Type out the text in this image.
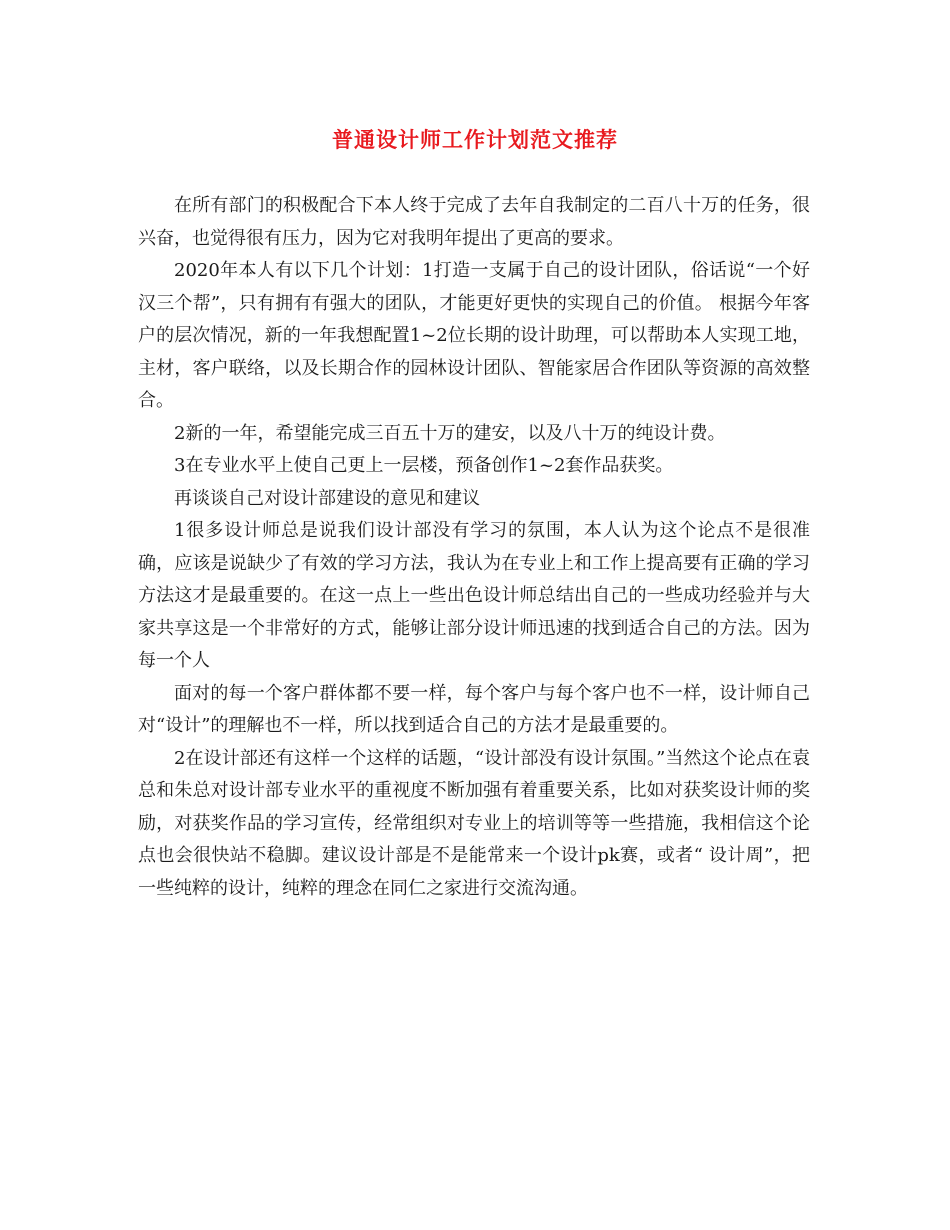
普通设计师工作计划范文推荐

在所有部门的积极配合下本人终于完成了去年自我制定的二百八十万的任务，很兴奋，也觉得很有压力，因为它对我明年提出了更高的要求。

2020年本人有以下几个计划：1打造一支属于自己的设计团队，俗话说“一个好汉三个帮”，只有拥有有强大的团队，才能更好更快的实现自己的价值。 根据今年客户的层次情况，新的一年我想配置1~2位长期的设计助理，可以帮助本人实现工地，主材，客户联络，以及长期合作的园林设计团队、智能家居合作团队等资源的高效整合。

2新的一年，希望能完成三百五十万的建安，以及八十万的纯设计费。

3在专业水平上使自己更上一层楼，预备创作1~2套作品获奖。

再谈谈自己对设计部建设的意见和建议

1很多设计师总是说我们设计部没有学习的氛围，本人认为这个论点不是很准确，应该是说缺少了有效的学习方法，我认为在专业上和工作上提高要有正确的学习方法这才是最重要的。在这一点上一些出色设计师总结出自己的一些成功经验并与大家共享这是一个非常好的方式，能够让部分设计师迅速的找到适合自己的方法。因为每一个人

面对的每一个客户群体都不要一样，每个客户与每个客户也不一样，设计师自己对“设计”的理解也不一样，所以找到适合自己的方法才是最重要的。

2在设计部还有这样一个这样的话题，“设计部没有设计氛围。”当然这个论点在袁总和朱总对设计部专业水平的重视度不断加强有着重要关系，比如对获奖设计师的奖励，对获奖作品的学习宣传，经常组织对专业上的培训等等一些措施，我相信这个论点也会很快站不稳脚。建议设计部是不是能常来一个设计pk赛，或者“ 设计周”，把一些纯粹的设计，纯粹的理念在同仁之家进行交流沟通。
